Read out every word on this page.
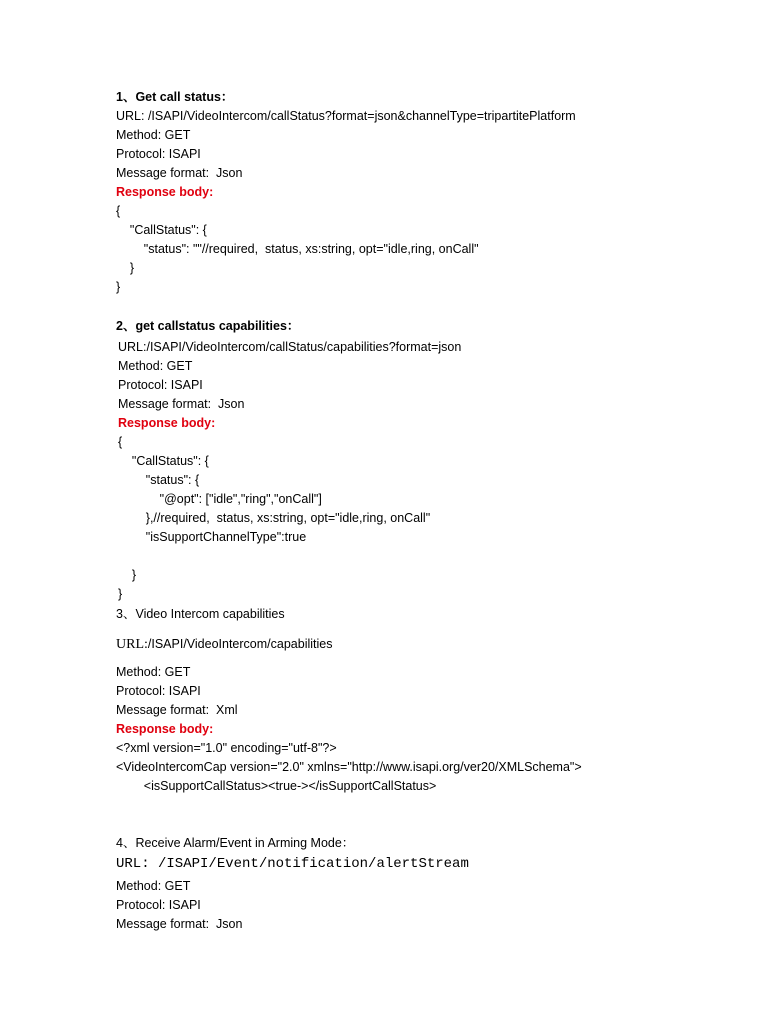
1、Get call status：
URL: /ISAPI/VideoIntercom/callStatus?format=json&channelType=tripartitePlatform
Method: GET
Protocol: ISAPI
Message format:  Json
Response body:
{
"CallStatus": {
"status": ""//required,  status, xs:string, opt="idle,ring, onCall"
}
}
2、get callstatus capabilities：
URL:/ISAPI/VideoIntercom/callStatus/capabilities?format=json
Method: GET
Protocol: ISAPI
Message format:  Json
Response body:
{
"CallStatus": {
"status": {
"@opt": ["idle","ring","onCall"]
},//required,  status, xs:string, opt="idle,ring, onCall"
"isSupportChannelType":true
}
}
3、Video Intercom capabilities
URL:/ISAPI/VideoIntercom/capabilities
Method: GET
Protocol: ISAPI
Message format:  Xml
Response body:
<?xml version="1.0" encoding="utf-8"?>
<VideoIntercomCap version="2.0" xmlns="http://www.isapi.org/ver20/XMLSchema">
<isSupportCallStatus><true-></isSupportCallStatus>
4、Receive Alarm/Event in Arming Mode：
URL: /ISAPI/Event/notification/alertStream
Method: GET
Protocol: ISAPI
Message format:  Json
